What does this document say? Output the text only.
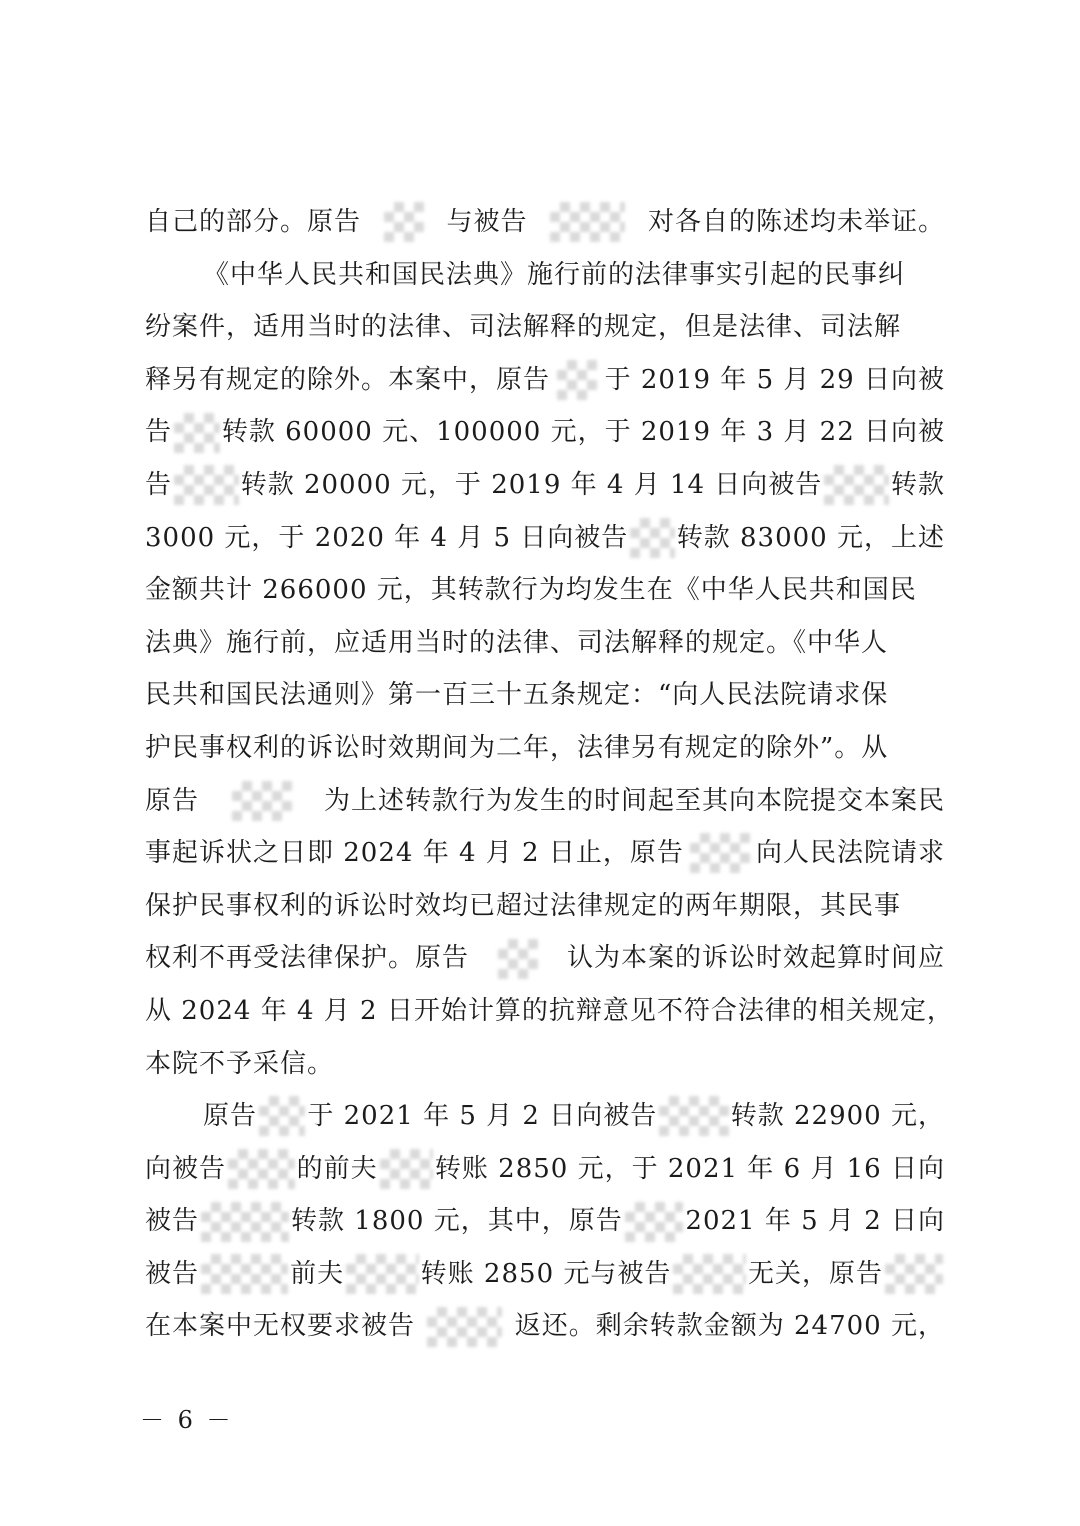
自己的部分。原告	与被告	对各自的陈述均未举证。
《中华人民共和国民法典》施行前的法律事实引起的民事纠
纷案件，适用当时的法律、司法解释的规定，但是法律、司法解
释另有规定的除外。本案中，原告 于 2019 年 5 月 29 日向被
告 转款 60000 元、100000 元，于 2019 年 3 月 22 日向被
告	转款 20000 元，于 2019 年 4 月 14 日向被告	转款
3000 元，于 2020 年 4 月 5 日向被告 转款 83000 元，上述
金额共计 266000 元，其转款行为均发生在《中华人民共和国民
法典》施行前，应适用当时的法律、司法解释的规定。《中华人
民共和国民法通则》第一百三十五条规定：“向人民法院请求保
护民事权利的诉讼时效期间为二年，法律另有规定的除外”。从
原告	为上述转款行为发生的时间起至其向本院提交本案民
事起诉状之日即 2024 年 4 月 2 日止，原告	向人民法院请求
保护民事权利的诉讼时效均已超过法律规定的两年期限，其民事
权利不再受法律保护。原告	认为本案的诉讼时效起算时间应
从 2024 年 4 月 2 日开始计算的抗辩意见不符合法律的相关规定，
本院不予采信。
原告 于 2021 年 5 月 2 日向被告	转款 22900 元，
向被告	的前夫 转账 2850 元，于 2021 年 6 月 16 日向
被告	转款 1800 元，其中，原告 2021 年 5 月 2 日向
被告	前夫	转账 2850 元与被告	无关，原告
在本案中无权要求被告	返还。剩余转款金额为 24700 元，
－ 6 －
